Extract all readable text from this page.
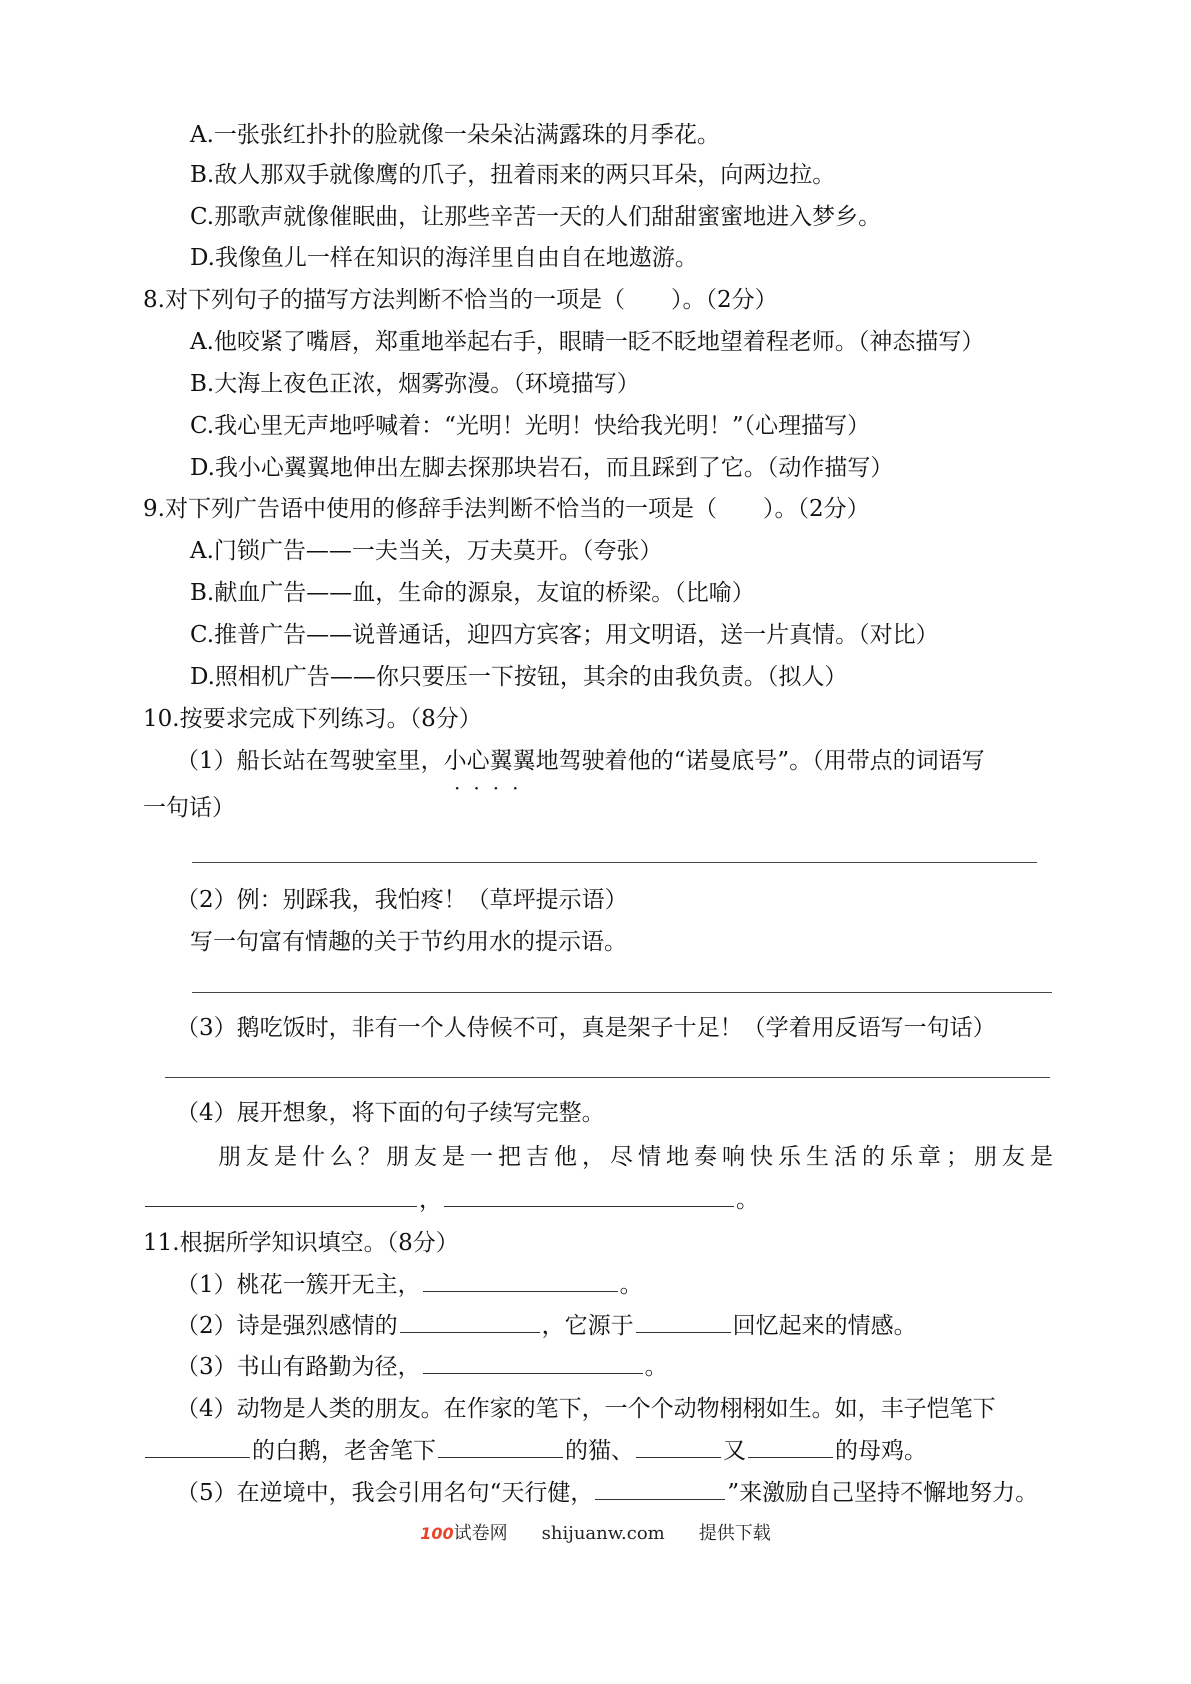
A.一张张红扑扑的脸就像一朵朵沾满露珠的月季花。
B.敌人那双手就像鹰的爪子，扭着雨来的两只耳朵，向两边拉。
C.那歌声就像催眠曲，让那些辛苦一天的人们甜甜蜜蜜地进入梦乡。
D.我像鱼儿一样在知识的海洋里自由自在地遨游。
8.对下列句子的描写方法判断不恰当的一项是（　　）。（2分）
A.他咬紧了嘴唇，郑重地举起右手，眼睛一眨不眨地望着程老师。（神态描写）
B.大海上夜色正浓，烟雾弥漫。（环境描写）
C.我心里无声地呼喊着：“光明！光明！快给我光明！”（心理描写）
D.我小心翼翼地伸出左脚去探那块岩石，而且踩到了它。（动作描写）
9.对下列广告语中使用的修辞手法判断不恰当的一项是（　　）。（2分）
A.门锁广告——一夫当关，万夫莫开。（夸张）
B.献血广告——血，生命的源泉，友谊的桥梁。（比喻）
C.推普广告——说普通话，迎四方宾客；用文明语，送一片真情。（对比）
D.照相机广告——你只要压一下按钮，其余的由我负责。（拟人）
10.按要求完成下列练习。（8分）
（1）船长站在驾驶室里，小心翼翼地驾驶着他的“诺曼底号”。（用带点的词语写
····
一句话）
（2）例：别踩我，我怕疼！（草坪提示语）
写一句富有情趣的关于节约用水的提示语。
（3）鹅吃饭时，非有一个人侍候不可，真是架子十足！（学着用反语写一句话）
（4）展开想象，将下面的句子续写完整。
朋友是什么？朋友是一把吉他，尽情地奏响快乐生活的乐章；朋友是
，	。
11.根据所学知识填空。（8分）
（1）桃花一簇开无主，	。
（2）诗是强烈感情的	，它源于	回忆起来的情感。
（3）书山有路勤为径，	。
（4）动物是人类的朋友。在作家的笔下，一个个动物栩栩如生。如，丰子恺笔下
的白鹅，老舍笔下	的猫、	又	的母鸡。
（5）在逆境中，我会引用名句“天行健，	”来激励自己坚持不懈地努力。
100试卷网 shijuanw.com 提供下载
